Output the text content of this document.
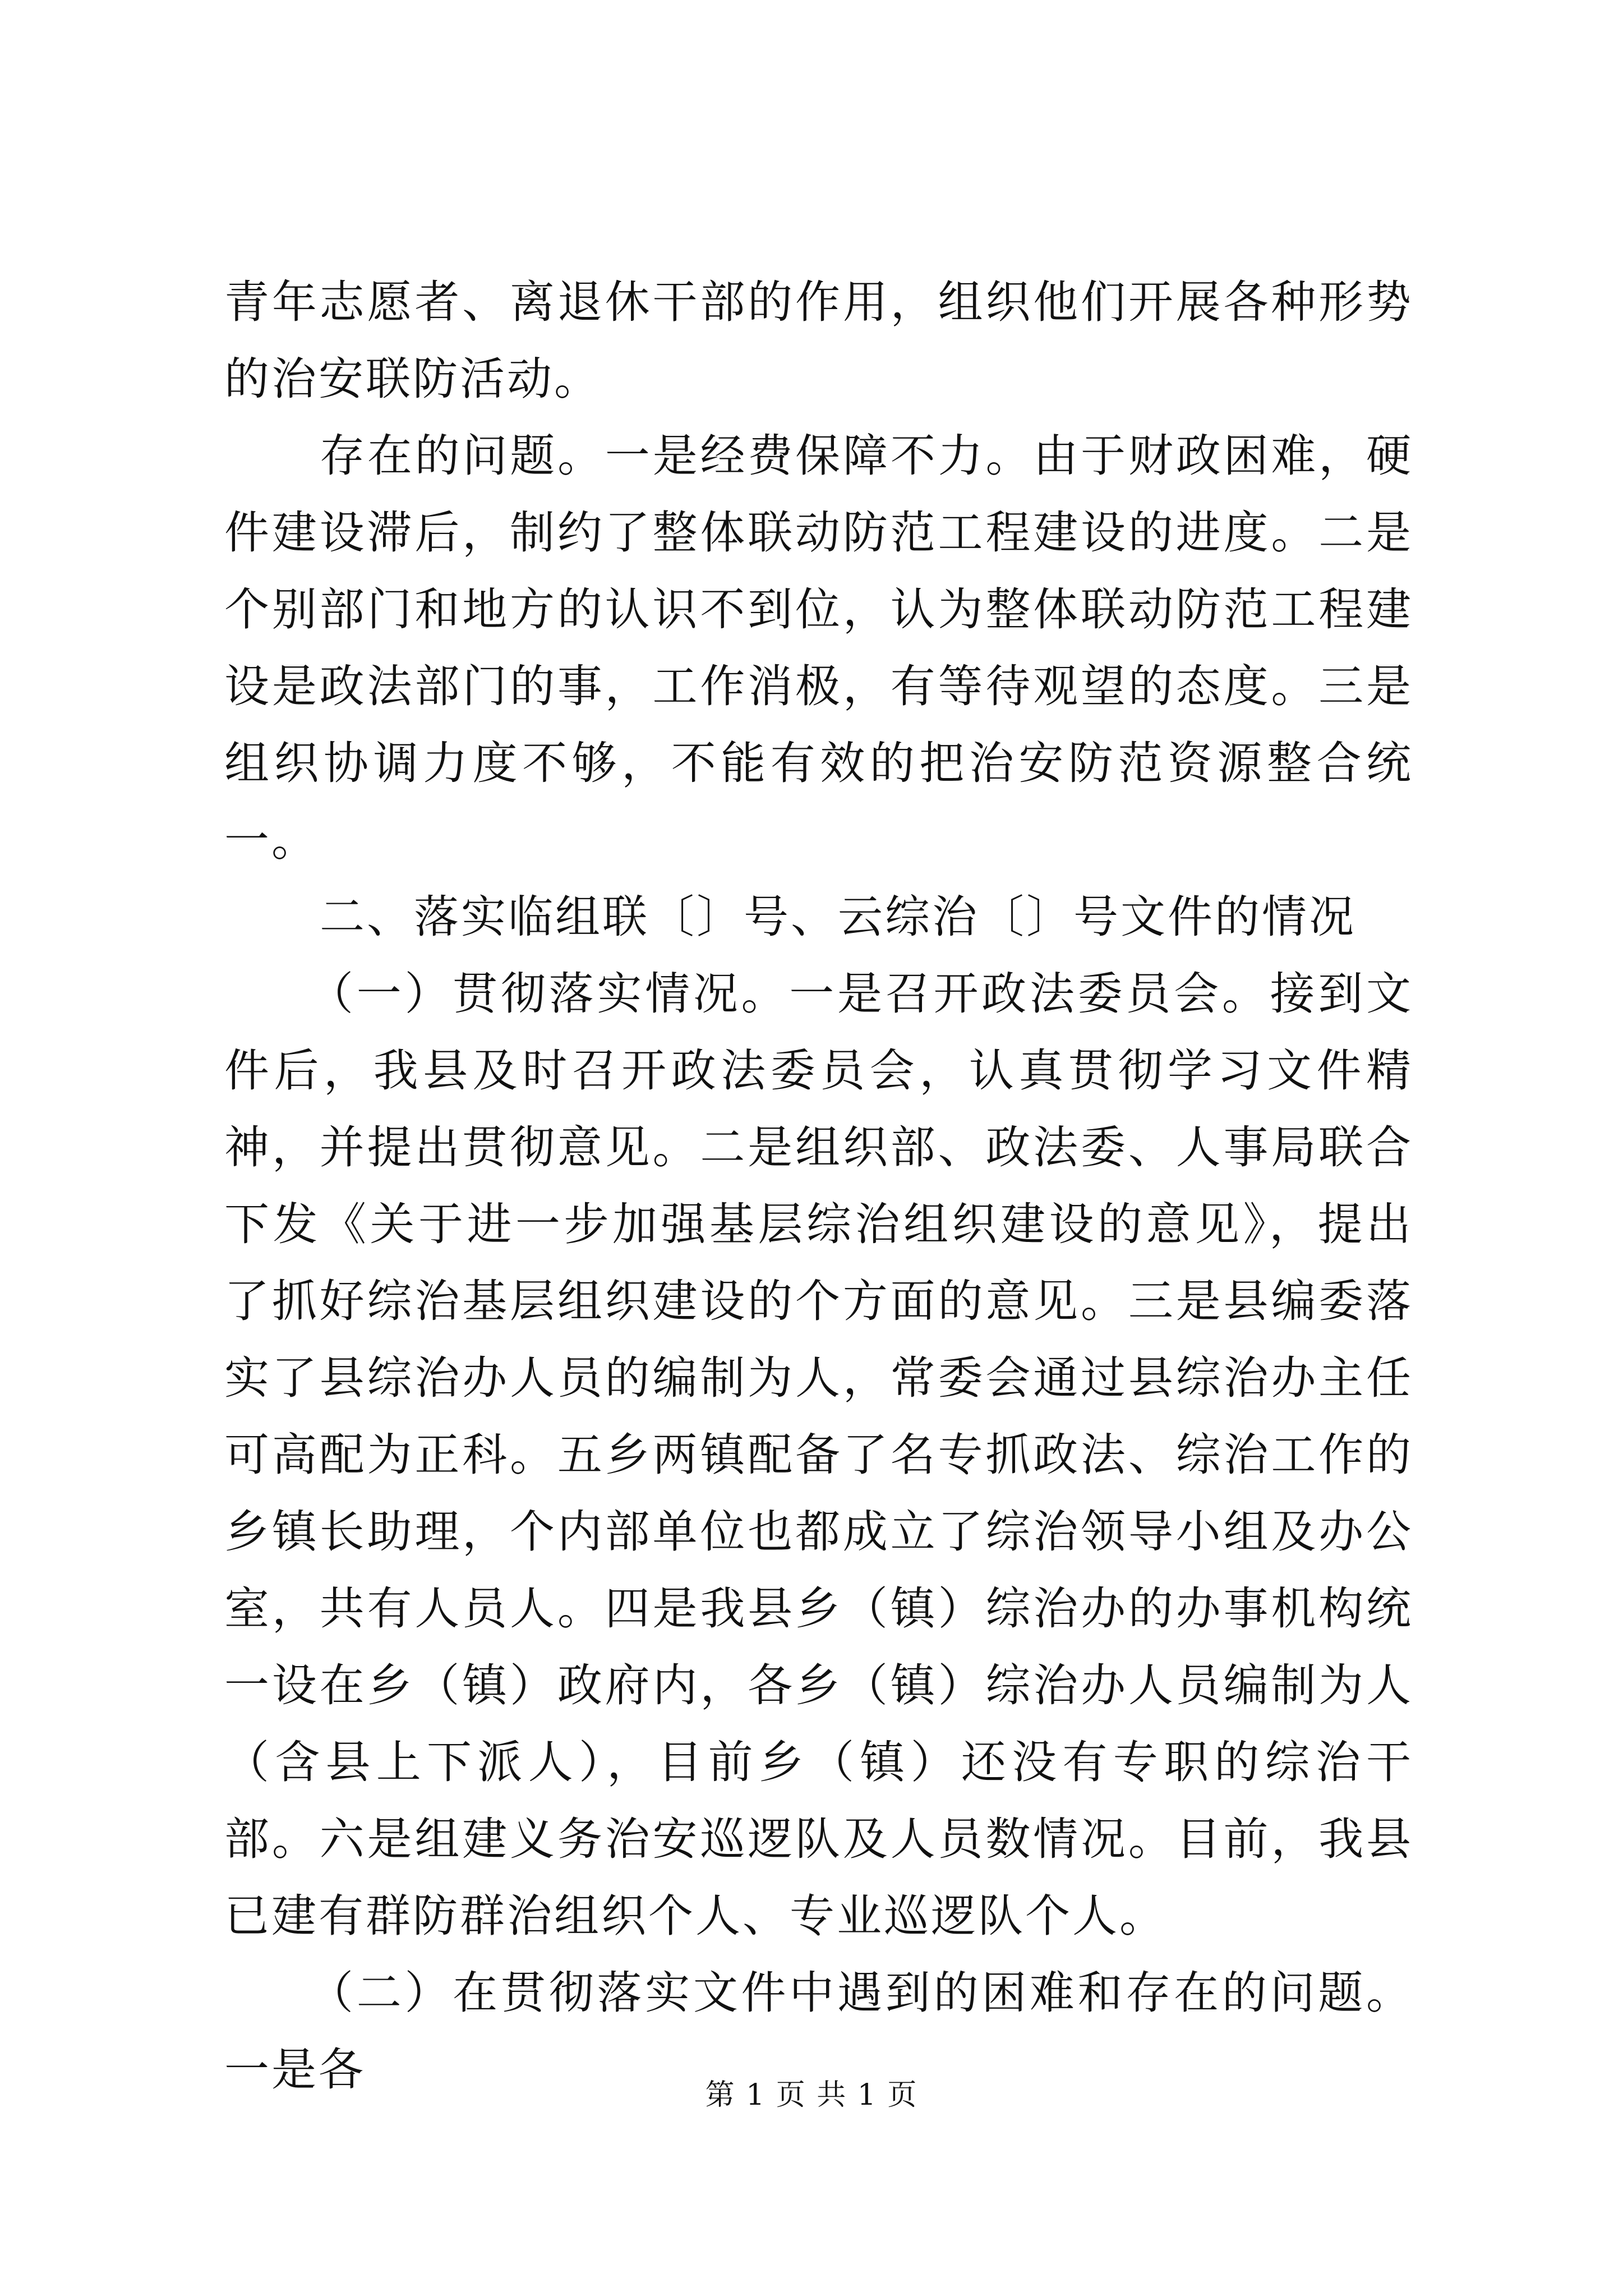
青年志愿者、离退休干部的作用，组织他们开展各种形势的治安联防活动。

存在的问题。一是经费保障不力。由于财政困难，硬件建设滞后，制约了整体联动防范工程建设的进度。二是个别部门和地方的认识不到位，认为整体联动防范工程建设是政法部门的事，工作消极，有等待观望的态度。三是组织协调力度不够，不能有效的把治安防范资源整合统一。

二、落实临组联〔〕号、云综治〔〕号文件的情况

（一）贯彻落实情况。一是召开政法委员会。接到文件后，我县及时召开政法委员会，认真贯彻学习文件精神，并提出贯彻意见。二是组织部、政法委、人事局联合下发《关于进一步加强基层综治组织建设的意见》，提出了抓好综治基层组织建设的个方面的意见。三是县编委落实了县综治办人员的编制为人，常委会通过县综治办主任可高配为正科。五乡两镇配备了名专抓政法、综治工作的乡镇长助理，个内部单位也都成立了综治领导小组及办公室，共有人员人。四是我县乡（镇）综治办的办事机构统一设在乡（镇）政府内，各乡（镇）综治办人员编制为人（含县上下派人），目前乡（镇）还没有专职的综治干部。六是组建义务治安巡逻队及人员数情况。目前，我县已建有群防群治组织个人、专业巡逻队个人。

（二）在贯彻落实文件中遇到的困难和存在的问题。一是各	第 1 页 共 1 页
